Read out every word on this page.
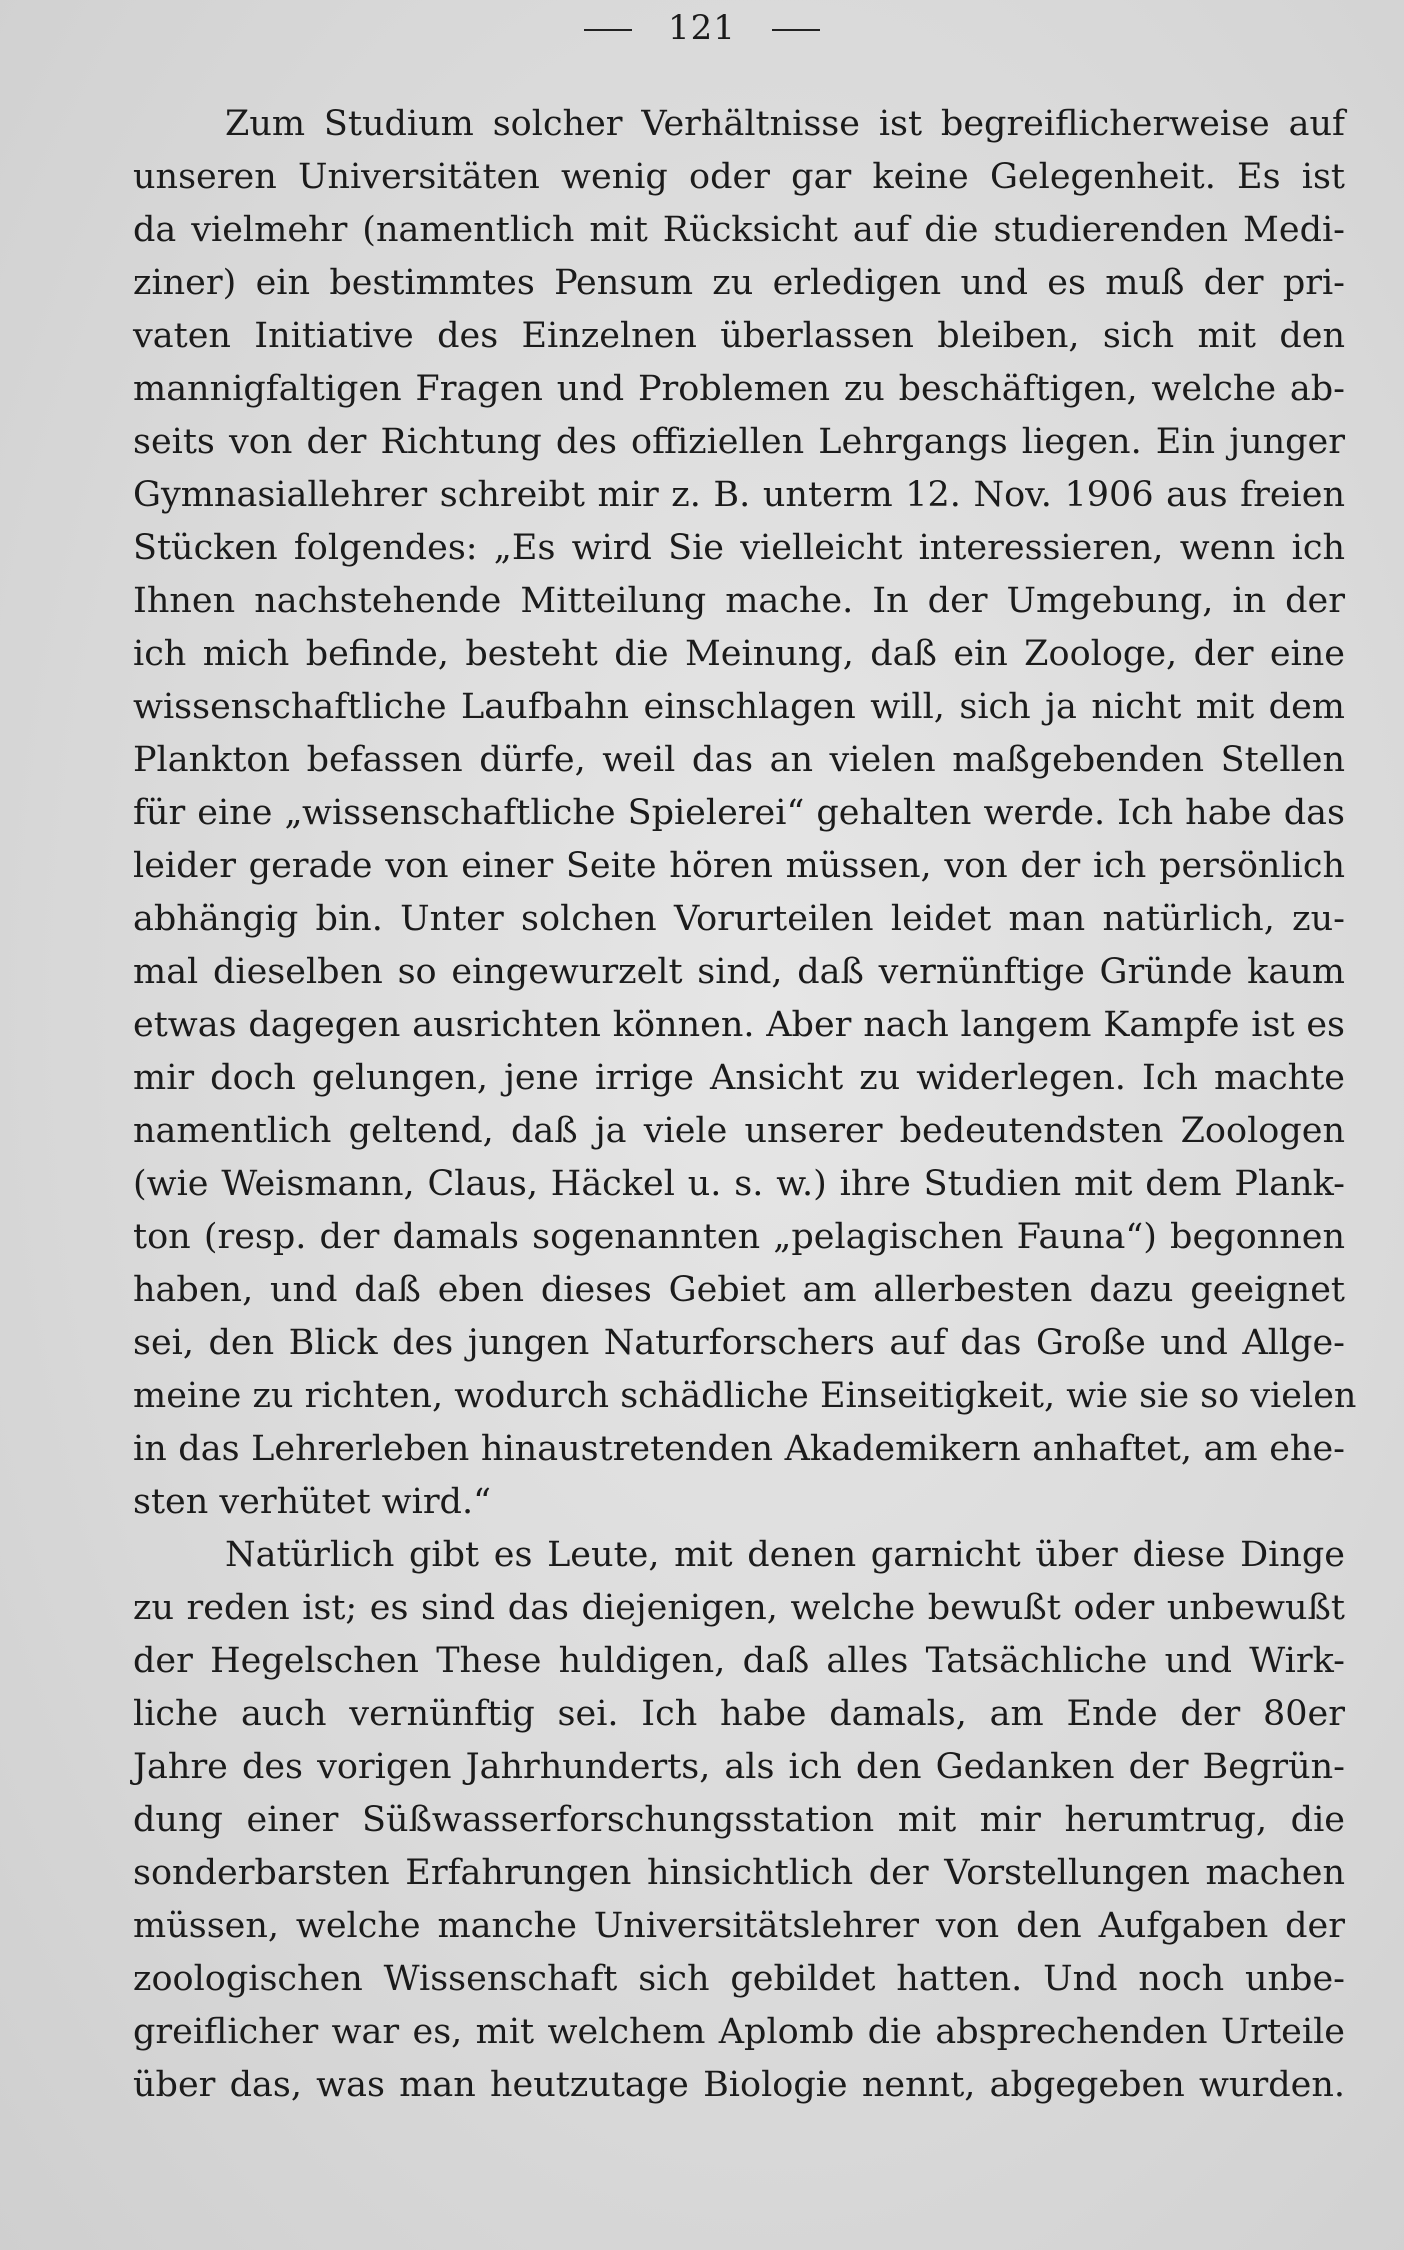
121
Zum Studium solcher Verhältnisse ist begreiflicherweise auf
unseren Universitäten wenig oder gar keine Gelegenheit. Es ist
da vielmehr (namentlich mit Rücksicht auf die studierenden Medi-
ziner) ein bestimmtes Pensum zu erledigen und es muß der pri-
vaten Initiative des Einzelnen überlassen bleiben, sich mit den
mannigfaltigen Fragen und Problemen zu beschäftigen, welche ab-
seits von der Richtung des offiziellen Lehrgangs liegen. Ein junger
Gymnasiallehrer schreibt mir z. B. unterm 12. Nov. 1906 aus freien
Stücken folgendes: „Es wird Sie vielleicht interessieren, wenn ich
Ihnen nachstehende Mitteilung mache. In der Umgebung, in der
ich mich befinde, besteht die Meinung, daß ein Zoologe, der eine
wissenschaftliche Laufbahn einschlagen will, sich ja nicht mit dem
Plankton befassen dürfe, weil das an vielen maßgebenden Stellen
für eine „wissenschaftliche Spielerei“ gehalten werde. Ich habe das
leider gerade von einer Seite hören müssen, von der ich persönlich
abhängig bin. Unter solchen Vorurteilen leidet man natürlich, zu-
mal dieselben so eingewurzelt sind, daß vernünftige Gründe kaum
etwas dagegen ausrichten können. Aber nach langem Kampfe ist es
mir doch gelungen, jene irrige Ansicht zu widerlegen. Ich machte
namentlich geltend, daß ja viele unserer bedeutendsten Zoologen
(wie Weismann, Claus, Häckel u. s. w.) ihre Studien mit dem Plank-
ton (resp. der damals sogenannten „pelagischen Fauna“) begonnen
haben, und daß eben dieses Gebiet am allerbesten dazu geeignet
sei, den Blick des jungen Naturforschers auf das Große und Allge-
meine zu richten, wodurch schädliche Einseitigkeit, wie sie so vielen
in das Lehrerleben hinaustretenden Akademikern anhaftet, am ehe-
sten verhütet wird.“
Natürlich gibt es Leute, mit denen garnicht über diese Dinge
zu reden ist; es sind das diejenigen, welche bewußt oder unbewußt
der Hegelschen These huldigen, daß alles Tatsächliche und Wirk-
liche auch vernünftig sei. Ich habe damals, am Ende der 80er
Jahre des vorigen Jahrhunderts, als ich den Gedanken der Begrün-
dung einer Süßwasserforschungsstation mit mir herumtrug, die
sonderbarsten Erfahrungen hinsichtlich der Vorstellungen machen
müssen, welche manche Universitätslehrer von den Aufgaben der
zoologischen Wissenschaft sich gebildet hatten. Und noch unbe-
greiflicher war es, mit welchem Aplomb die absprechenden Urteile
über das, was man heutzutage Biologie nennt, abgegeben wurden.
